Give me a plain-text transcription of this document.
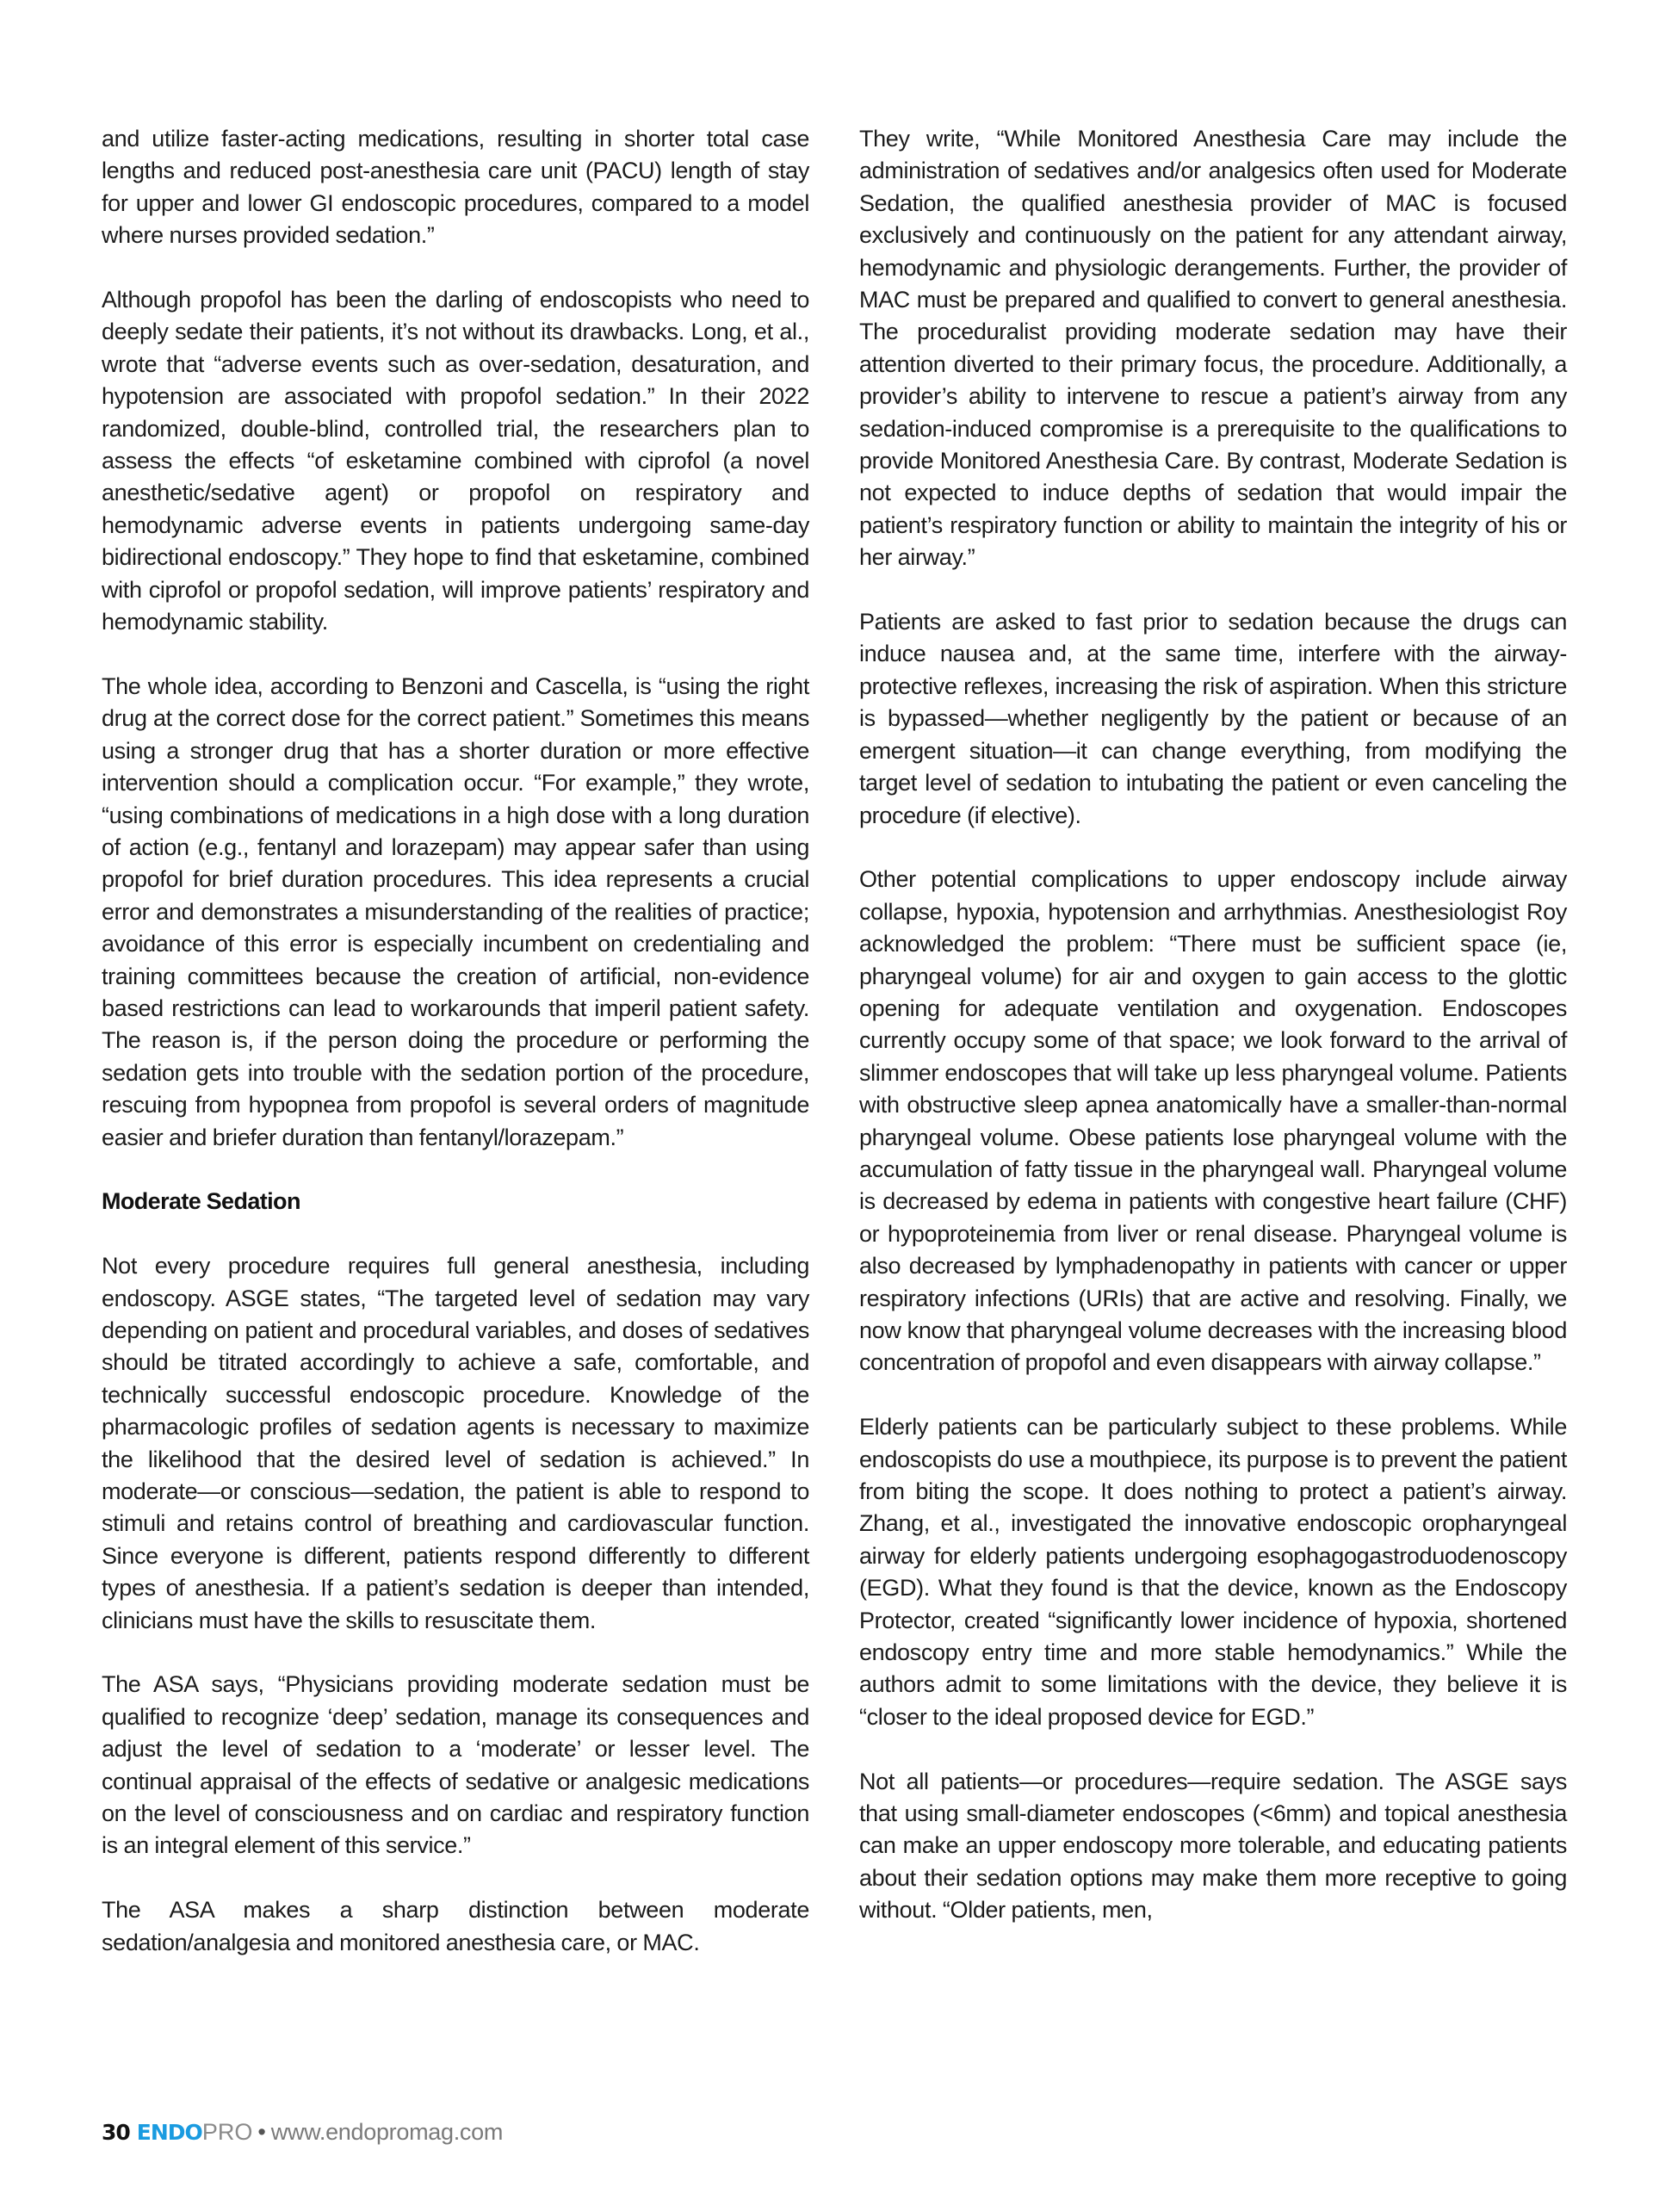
and utilize faster-acting medications, resulting in shorter total case lengths and reduced post-anesthesia care unit (PACU) length of stay for upper and lower GI endoscopic procedures, compared to a model where nurses provided sedation.”

Although propofol has been the darling of endoscopists who need to deeply sedate their patients, it’s not without its drawbacks. Long, et al., wrote that “adverse events such as over-sedation, desaturation, and hypotension are associated with propofol sedation.” In their 2022 randomized, double-blind, controlled trial, the researchers plan to assess the effects “of esketamine combined with ciprofol (a novel anesthetic/sedative agent) or propofol on respiratory and hemodynamic adverse events in patients undergoing same-day bidirectional endoscopy.” They hope to find that esketamine, combined with ciprofol or propofol sedation, will improve patients’ respiratory and hemodynamic stability.

The whole idea, according to Benzoni and Cascella, is “using the right drug at the correct dose for the correct patient.” Sometimes this means using a stronger drug that has a shorter duration or more effective intervention should a complication occur. “For example,” they wrote, “using combinations of medications in a high dose with a long duration of action (e.g., fentanyl and lorazepam) may appear safer than using propofol for brief duration procedures. This idea represents a crucial error and demonstrates a misunderstanding of the realities of practice; avoidance of this error is especially incumbent on credentialing and training committees because the creation of artificial, non-evidence based restrictions can lead to workarounds that imperil patient safety. The reason is, if the person doing the procedure or performing the sedation gets into trouble with the sedation portion of the procedure, rescuing from hypopnea from propofol is several orders of magnitude easier and briefer duration than fentanyl/lorazepam.”

Moderate Sedation

Not every procedure requires full general anesthesia, including endoscopy. ASGE states, “The targeted level of sedation may vary depending on patient and procedural variables, and doses of sedatives should be titrated accordingly to achieve a safe, comfortable, and technically successful endoscopic procedure. Knowledge of the pharmacologic profiles of sedation agents is necessary to maximize the likelihood that the desired level of sedation is achieved.” In moderate—or conscious—sedation, the patient is able to respond to stimuli and retains control of breathing and cardiovascular function. Since everyone is different, patients respond differently to different types of anesthesia. If a patient’s sedation is deeper than intended, clinicians must have the skills to resuscitate them.

The ASA says, “Physicians providing moderate sedation must be qualified to recognize ‘deep’ sedation, manage its consequences and adjust the level of sedation to a ‘moderate’ or lesser level. The continual appraisal of the effects of sedative or analgesic medications on the level of consciousness and on cardiac and respiratory function is an integral element of this service.”

The ASA makes a sharp distinction between moderate sedation/analgesia and monitored anesthesia care, or MAC.

They write, “While Monitored Anesthesia Care may include the administration of sedatives and/or analgesics often used for Moderate Sedation, the qualified anesthesia provider of MAC is focused exclusively and continuously on the patient for any attendant airway, hemodynamic and physiologic derangements. Further, the provider of MAC must be prepared and qualified to convert to general anesthesia. The proceduralist providing moderate sedation may have their attention diverted to their primary focus, the procedure. Additionally, a provider’s ability to intervene to rescue a patient’s airway from any sedation-induced compromise is a prerequisite to the qualifications to provide Monitored Anesthesia Care. By contrast, Moderate Sedation is not expected to induce depths of sedation that would impair the patient’s respiratory function or ability to maintain the integrity of his or her airway.”

Patients are asked to fast prior to sedation because the drugs can induce nausea and, at the same time, interfere with the airway-protective reflexes, increasing the risk of aspiration. When this stricture is bypassed—whether negligently by the patient or because of an emergent situation—it can change everything, from modifying the target level of sedation to intubating the patient or even canceling the procedure (if elective).

Other potential complications to upper endoscopy include airway collapse, hypoxia, hypotension and arrhythmias. Anesthesiologist Roy acknowledged the problem: “There must be sufficient space (ie, pharyngeal volume) for air and oxygen to gain access to the glottic opening for adequate ventilation and oxygenation. Endoscopes currently occupy some of that space; we look forward to the arrival of slimmer endoscopes that will take up less pharyngeal volume. Patients with obstructive sleep apnea anatomically have a smaller-than-normal pharyngeal volume. Obese patients lose pharyngeal volume with the accumulation of fatty tissue in the pharyngeal wall. Pharyngeal volume is decreased by edema in patients with congestive heart failure (CHF) or hypoproteinemia from liver or renal disease. Pharyngeal volume is also decreased by lymphadenopathy in patients with cancer or upper respiratory infections (URIs) that are active and resolving. Finally, we now know that pharyngeal volume decreases with the increasing blood concentration of propofol and even disappears with airway collapse.”

Elderly patients can be particularly subject to these problems. While endoscopists do use a mouthpiece, its purpose is to prevent the patient from biting the scope. It does nothing to protect a patient’s airway. Zhang, et al., investigated the innovative endoscopic oropharyngeal airway for elderly patients undergoing esophagogastroduodenoscopy (EGD). What they found is that the device, known as the Endoscopy Protector, created “significantly lower incidence of hypoxia, shortened endoscopy entry time and more stable hemodynamics.” While the authors admit to some limitations with the device, they believe it is “closer to the ideal proposed device for EGD.”

Not all patients—or procedures—require sedation. The ASGE says that using small-diameter endoscopes (<6mm) and topical anesthesia can make an upper endoscopy more tolerable, and educating patients about their sedation options may make them more receptive to going without. “Older patients, men,

30 ENDO PRO • www.endopromag.com
